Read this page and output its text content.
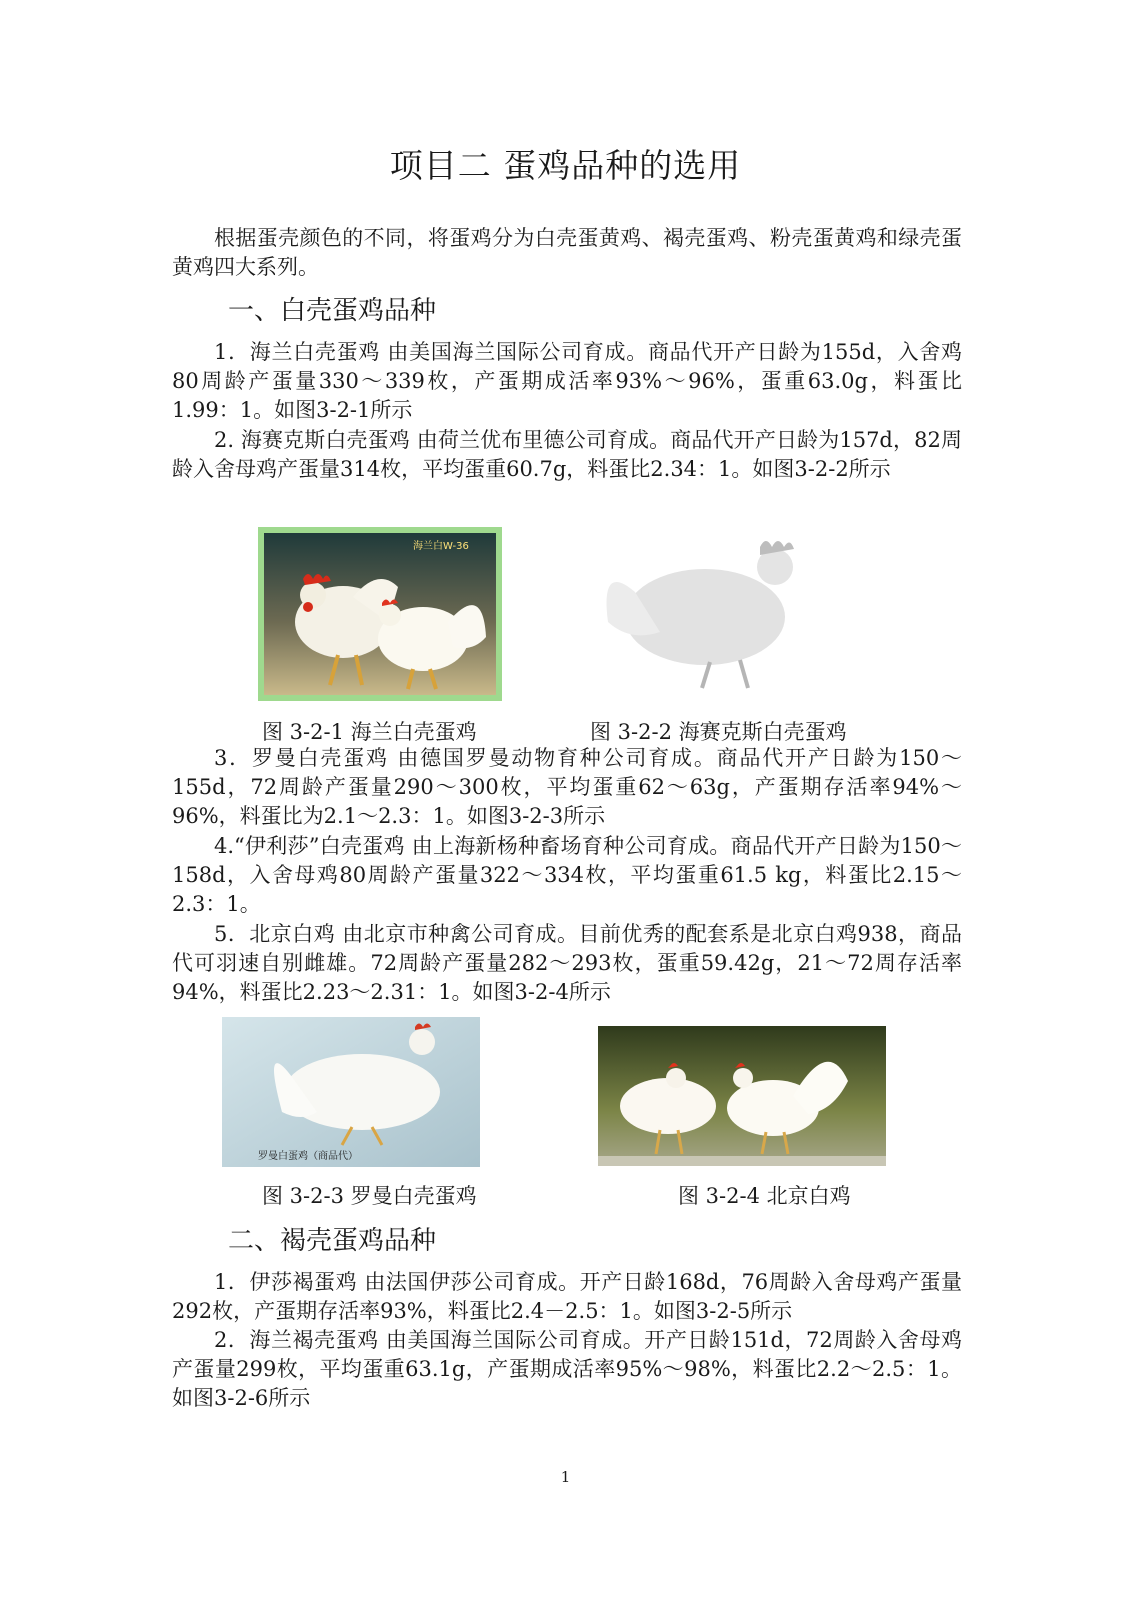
项目二 蛋鸡品种的选用

根据蛋壳颜色的不同，将蛋鸡分为白壳蛋黄鸡、褐壳蛋鸡、粉壳蛋黄鸡和绿壳蛋黄鸡四大系列。

一、白壳蛋鸡品种

1．海兰白壳蛋鸡 由美国海兰国际公司育成。商品代开产日龄为155d，入舍鸡80周龄产蛋量330～339枚，产蛋期成活率93%～96%，蛋重63.0g，料蛋比1.99：1。如图3-2-1所示

2. 海赛克斯白壳蛋鸡 由荷兰优布里德公司育成。商品代开产日龄为157d，82周龄入舍母鸡产蛋量314枚，平均蛋重60.7g，料蛋比2.34：1。如图3-2-2所示

海兰白W-36
图 3-2-1 海兰白壳蛋鸡	图 3-2-2 海赛克斯白壳蛋鸡

3．罗曼白壳蛋鸡 由德国罗曼动物育种公司育成。商品代开产日龄为150～155d，72周龄产蛋量290～300枚，平均蛋重62～63g，产蛋期存活率94%～96%，料蛋比为2.1～2.3：1。如图3-2-3所示

4.“伊利莎”白壳蛋鸡 由上海新杨种畜场育种公司育成。商品代开产日龄为150～158d，入舍母鸡80周龄产蛋量322～334枚，平均蛋重61.5 kg，料蛋比2.15～2.3：1。

5．北京白鸡 由北京市种禽公司育成。目前优秀的配套系是北京白鸡938，商品代可羽速自别雌雄。72周龄产蛋量282～293枚，蛋重59.42g，21～72周存活率94%，料蛋比2.23～2.31：1。如图3-2-4所示

罗曼白蛋鸡（商品代）
图 3-2-3 罗曼白壳蛋鸡	图 3-2-4 北京白鸡
二、褐壳蛋鸡品种

1．伊莎褐蛋鸡 由法国伊莎公司育成。开产日龄168d，76周龄入舍母鸡产蛋量292枚，产蛋期存活率93%，料蛋比2.4－2.5：1。如图3-2-5所示

2．海兰褐壳蛋鸡 由美国海兰国际公司育成。开产日龄151d，72周龄入舍母鸡产蛋量299枚，平均蛋重63.1g，产蛋期成活率95%～98%，料蛋比2.2～2.5：1。如图3-2-6所示

1
